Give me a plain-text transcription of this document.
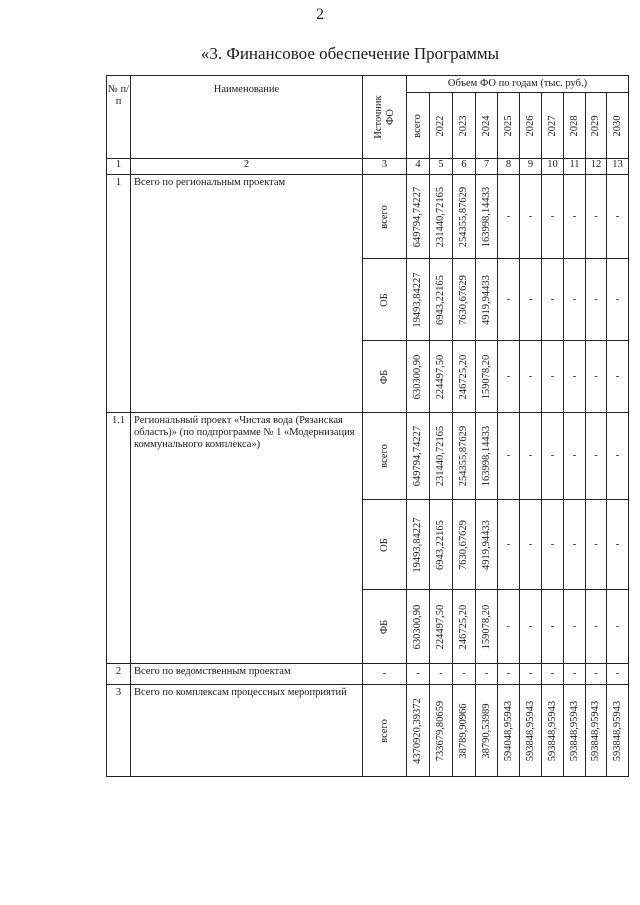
2
«3. Финансовое обеспечение Программы
№ п/п	Наименование	Источник ФО	Объем ФО по годам (тыс. руб.)									

			всего	2022	2023	2024	2025	2026	2027	2028	2029	2030

1	2	3	4	5	6	7	8	9	10	11	12	13
1	Всего по региональным проектам	всего	649794,74227	231440,72165	254355,87629	163998,14433	-	-	-	-	-	-

		ОБ	19493,84227	6943,22165	7630,67629	4919,94433	-	-	-	-	-	-

		ФБ	630300,90	224497,50	246725,20	159078,20	-	-	-	-	-	-
1.1	Региональный проект «Чистая вода (Рязанская область)» (по подпрограмме № 1 «Модернизация коммунального комплекса»)	всего	649794,74227	231440,72165	254355,87629	163998,14433	-	-	-	-	-	-

		ОБ	19493,84227	6943,22165	7630,67629	4919,94433	-	-	-	-	-	-

		ФБ	630300,90	224497,50	246725,20	159078,20	-	-	-	-	-	-
2	Всего по ведомственным проектам	-	-	-	-	-	-	-	-	-	-	-
3	Всего по комплексам процессных мероприятий	всего	4370920,39372	733679,80659	38789,90966	38790,53989	594048,95943	593848,95943	593848,95943	593848,95943	593848,95943	593848,95943
